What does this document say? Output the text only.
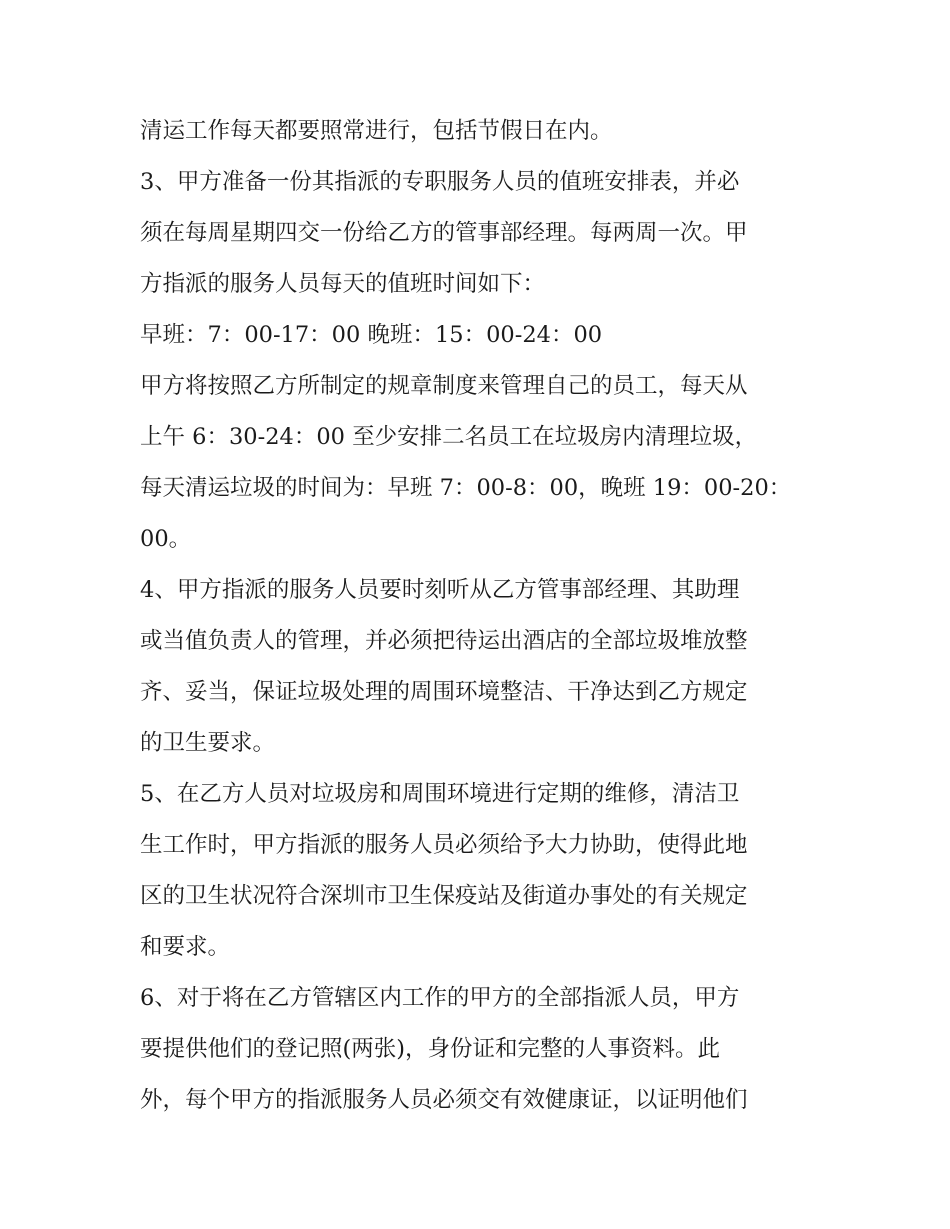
清运工作每天都要照常进行，包括节假日在内。
3、甲方准备一份其指派的专职服务人员的值班安排表，并必
须在每周星期四交一份给乙方的管事部经理。每两周一次。甲
方指派的服务人员每天的值班时间如下：
早班：7：00-17：00 晚班：15：00-24：00
甲方将按照乙方所制定的规章制度来管理自己的员工，每天从
上午 6：30-24：00 至少安排二名员工在垃圾房内清理垃圾，
每天清运垃圾的时间为：早班 7：00-8：00，晚班 19：00-20：
00。
4、甲方指派的服务人员要时刻听从乙方管事部经理、其助理
或当值负责人的管理，并必须把待运出酒店的全部垃圾堆放整
齐、妥当，保证垃圾处理的周围环境整洁、干净达到乙方规定
的卫生要求。
5、在乙方人员对垃圾房和周围环境进行定期的维修，清洁卫
生工作时，甲方指派的服务人员必须给予大力协助，使得此地
区的卫生状况符合深圳市卫生保疫站及街道办事处的有关规定
和要求。
6、对于将在乙方管辖区内工作的甲方的全部指派人员，甲方
要提供他们的登记照(两张)，身份证和完整的人事资料。此
外，每个甲方的指派服务人员必须交有效健康证，以证明他们
